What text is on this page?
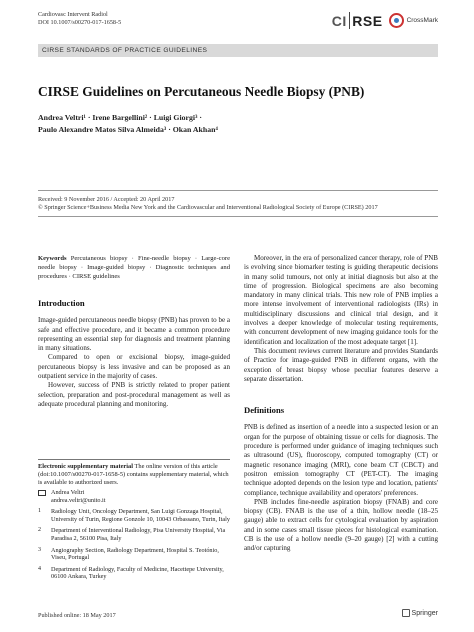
Cardiovasc Intervent Radiol
DOI 10.1007/s00270-017-1658-5	CI RSE	CrossMark
CIRSE STANDARDS OF PRACTICE GUIDELINES
CIRSE Guidelines on Percutaneous Needle Biopsy (PNB)
Andrea Veltri¹ · Irene Bargellini² · Luigi Giorgi³ ·
Paulo Alexandre Matos Silva Almeida³ · Okan Akhan⁴
Received: 9 November 2016 / Accepted: 20 April 2017
© Springer Science+Business Media New York and the Cardiovascular and Interventional Radiological Society of Europe (CIRSE) 2017
Keywords Percutaneous biopsy · Fine-needle biopsy · Large-core needle biopsy · Image-guided biopsy · Diagnostic techniques and procedures · CIRSE guidelines
Introduction

Image-guided percutaneous needle biopsy (PNB) has proven to be a safe and effective procedure, and it became a common procedure representing an essential step for diagnosis and treatment planning in many situations.

Compared to open or excisional biopsy, image-guided percutaneous biopsy is less invasive and can be proposed as an outpatient service in the majority of cases.

However, success of PNB is strictly related to proper patient selection, preparation and post-procedural management as well as adequate procedural planning and monitoring.

Electronic supplementary material The online version of this article (doi:10.1007/s00270-017-1658-5) contains supplementary material, which is available to authorized users.
Andrea Veltri
andrea.veltri@unito.it
1	Radiology Unit, Oncology Department, San Luigi Gonzaga Hospital, University of Turin, Regione Gonzole 10, 10043 Orbassano, Turin, Italy
2	Department of Interventional Radiology, Pisa University Hospital, Via Paradisa 2, 56100 Pisa, Italy
3	Angiography Section, Radiology Department, Hospital S. Teotónio, Viseu, Portugal
4	Department of Radiology, Faculty of Medicine, Hacettepe University, 06100 Ankara, Turkey

Moreover, in the era of personalized cancer therapy, role of PNB is evolving since biomarker testing is guiding therapeutic decisions in many solid tumours, not only at initial diagnosis but also at the time of progression. Biological specimens are also becoming mandatory in many clinical trials. This new role of PNB implies a more intense involvement of interventional radiologists (IRs) in multidisciplinary discussions and clinical trial design, and it involves a deeper knowledge of molecular testing requirements, with concurrent development of new imaging guidance tools for the identification and localization of the most adequate target [1].

This document reviews current literature and provides Standards of Practice for image-guided PNB in different organs, with the exception of breast biopsy whose peculiar features deserve a separate dissertation.

Definitions

PNB is defined as insertion of a needle into a suspected lesion or an organ for the purpose of obtaining tissue or cells for diagnosis. The procedure is performed under guidance of imaging techniques such as ultrasound (US), fluoroscopy, computed tomography (CT) or magnetic resonance imaging (MRI), cone beam CT (CBCT) and positron emission tomography CT (PET-CT). The imaging technique adopted depends on the lesion type and location, patients' compliance, technique availability and operators' preferences.

PNB includes fine-needle aspiration biopsy (FNAB) and core biopsy (CB). FNAB is the use of a thin, hollow needle (18–25 gauge) able to extract cells for cytological evaluation by aspiration and in some cases small tissue pieces for histological examination. CB is the use of a hollow needle (9–20 gauge) [2] with a cutting and/or capturing

Published online: 18 May 2017	Springer
